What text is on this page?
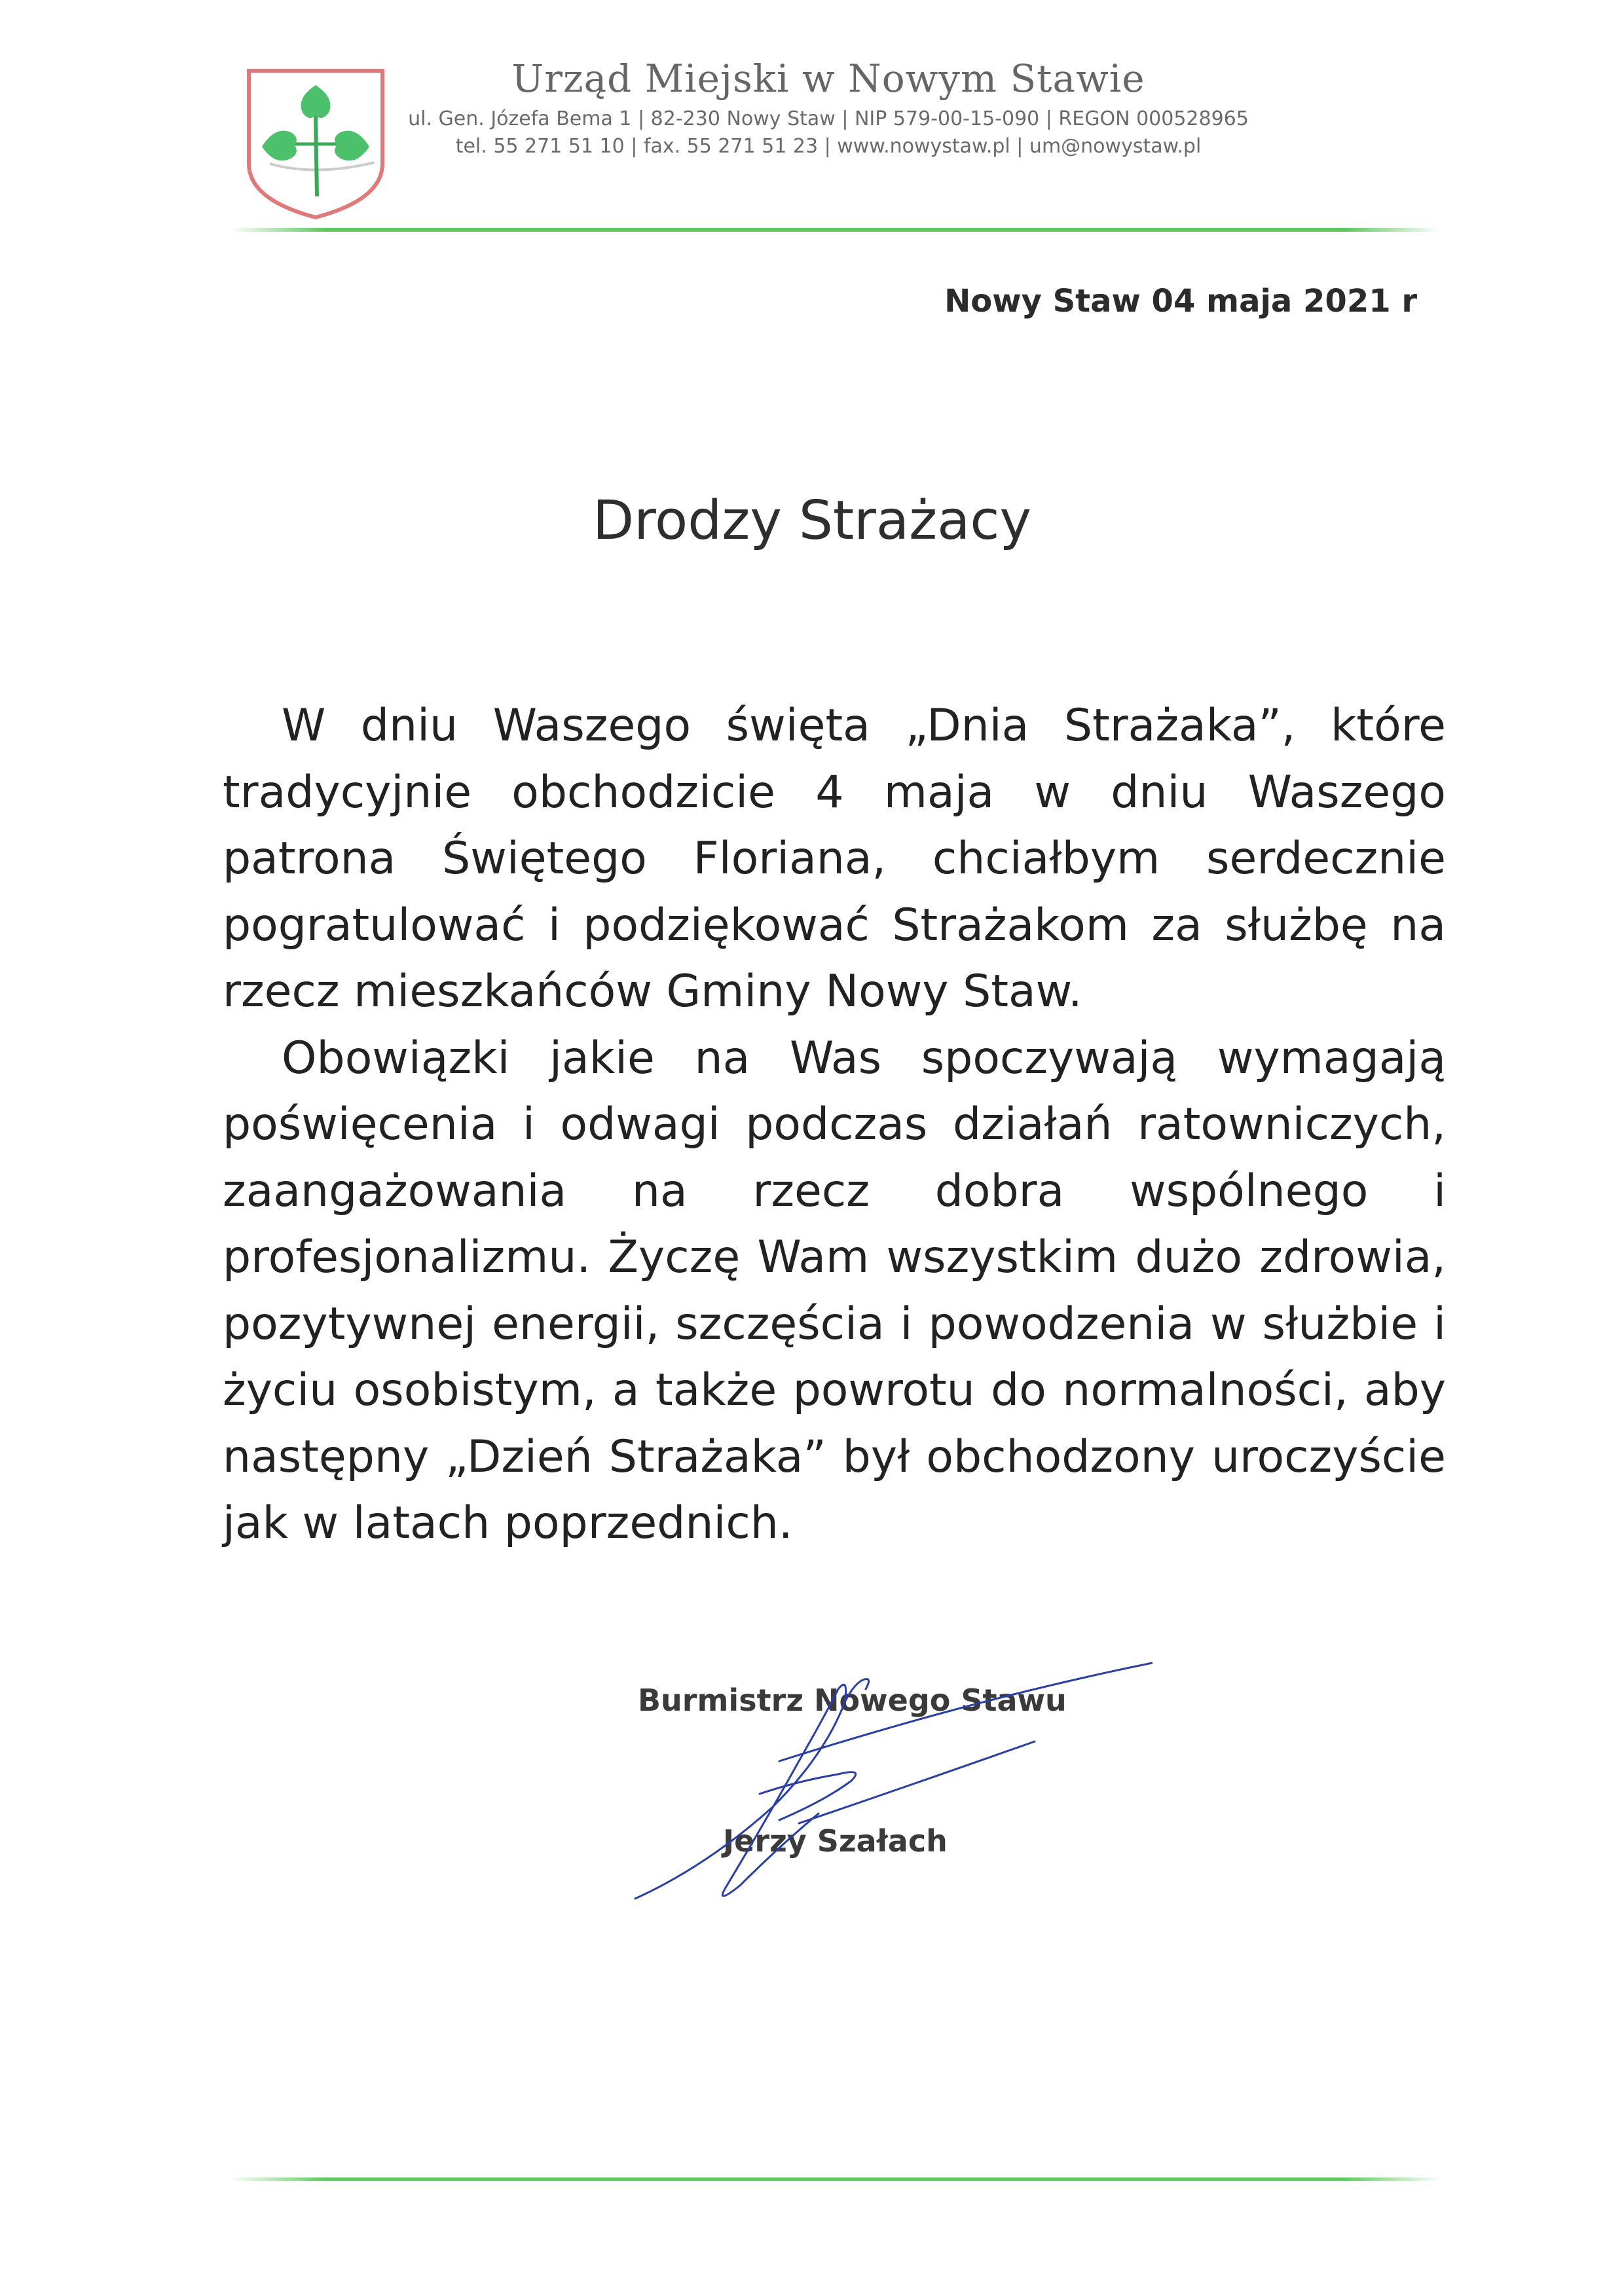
Urząd Miejski w Nowym Stawie
ul. Gen. Józefa Bema 1 | 82-230 Nowy Staw | NIP 579-00-15-090 | REGON 000528965
tel. 55 271 51 10 | fax. 55 271 51 23 | www.nowystaw.pl | um@nowystaw.pl
Nowy Staw 04 maja 2021 r
Drodzy Strażacy

W dniu Waszego święta „Dnia Strażaka”, które tradycyjnie obchodzicie 4 maja w dniu Waszego patrona Świętego Floriana, chciałbym serdecznie pogratulować i podziękować Strażakom za służbę na rzecz mieszkańców Gminy Nowy Staw.

Obowiązki jakie na Was spoczywają wymagają poświęcenia i odwagi podczas działań ratowniczych, zaangażowania na rzecz dobra wspólnego i profesjonalizmu. Życzę Wam wszystkim dużo zdrowia, pozytywnej energii, szczęścia i powodzenia w służbie i życiu osobistym, a także powrotu do normalności, aby następny „Dzień Strażaka” był obchodzony uroczyście jak w latach poprzednich.

Burmistrz Nowego Stawu
Jerzy Szałach
